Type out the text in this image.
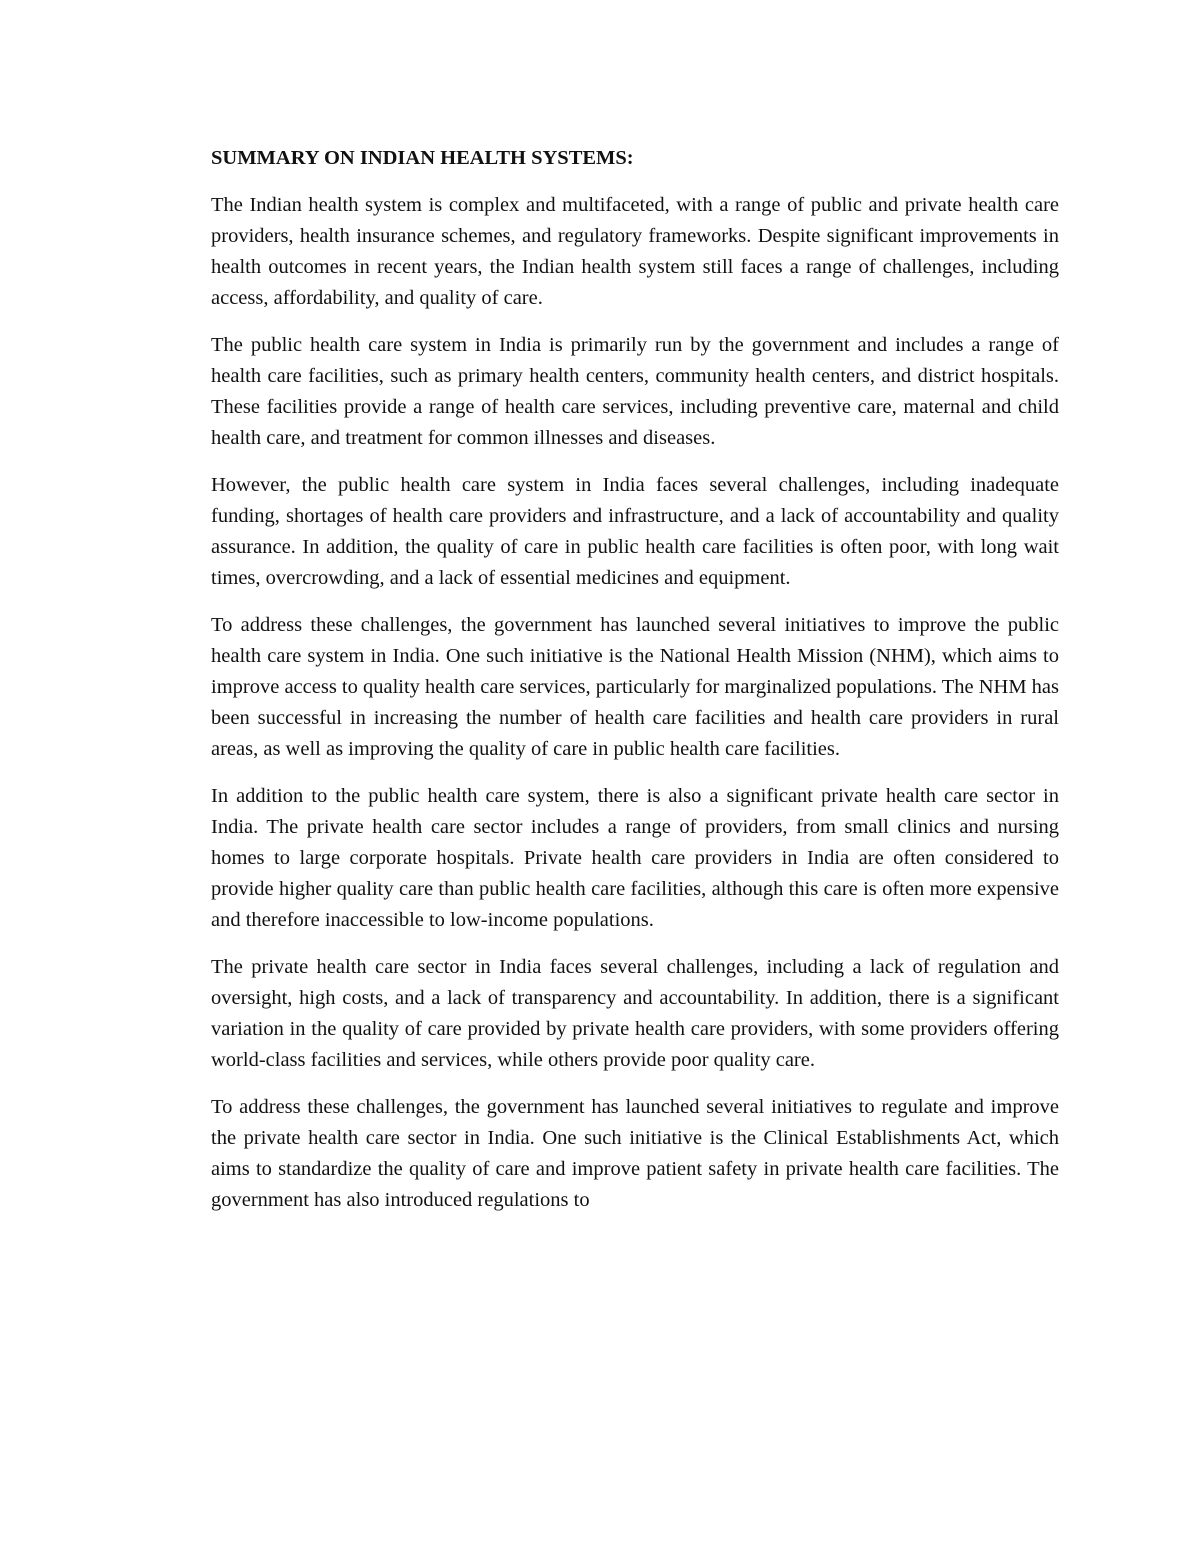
SUMMARY ON INDIAN HEALTH SYSTEMS:

The Indian health system is complex and multifaceted, with a range of public and private health care providers, health insurance schemes, and regulatory frameworks. Despite significant improvements in health outcomes in recent years, the Indian health system still faces a range of challenges, including access, affordability, and quality of care.

The public health care system in India is primarily run by the government and includes a range of health care facilities, such as primary health centers, community health centers, and district hospitals. These facilities provide a range of health care services, including preventive care, maternal and child health care, and treatment for common illnesses and diseases.

However, the public health care system in India faces several challenges, including inadequate funding, shortages of health care providers and infrastructure, and a lack of accountability and quality assurance. In addition, the quality of care in public health care facilities is often poor, with long wait times, overcrowding, and a lack of essential medicines and equipment.

To address these challenges, the government has launched several initiatives to improve the public health care system in India. One such initiative is the National Health Mission (NHM), which aims to improve access to quality health care services, particularly for marginalized populations. The NHM has been successful in increasing the number of health care facilities and health care providers in rural areas, as well as improving the quality of care in public health care facilities.

In addition to the public health care system, there is also a significant private health care sector in India. The private health care sector includes a range of providers, from small clinics and nursing homes to large corporate hospitals. Private health care providers in India are often considered to provide higher quality care than public health care facilities, although this care is often more expensive and therefore inaccessible to low-income populations.

The private health care sector in India faces several challenges, including a lack of regulation and oversight, high costs, and a lack of transparency and accountability. In addition, there is a significant variation in the quality of care provided by private health care providers, with some providers offering world-class facilities and services, while others provide poor quality care.

To address these challenges, the government has launched several initiatives to regulate and improve the private health care sector in India. One such initiative is the Clinical Establishments Act, which aims to standardize the quality of care and improve patient safety in private health care facilities. The government has also introduced regulations to
